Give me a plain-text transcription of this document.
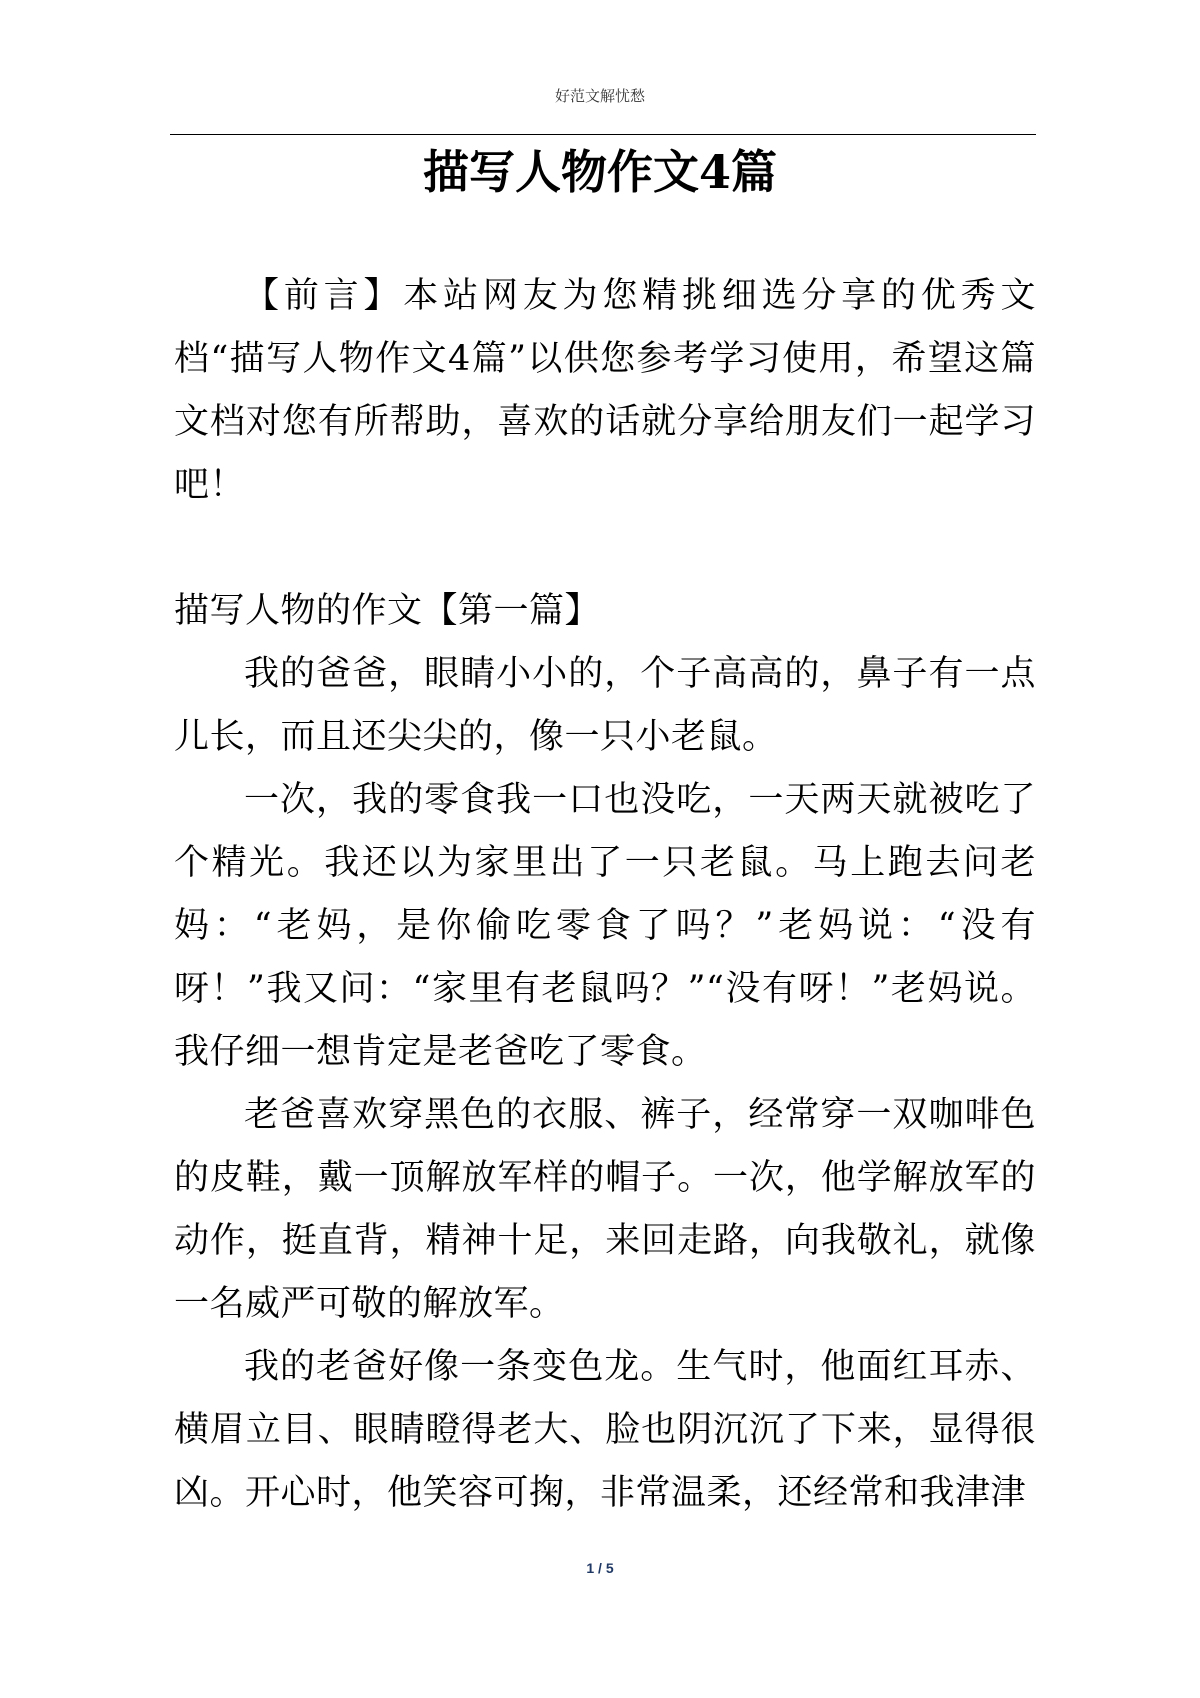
好范文解忧愁
描写人物作文4篇

【前言】本站网友为您精挑细选分享的优秀文档“描写人物作文4篇”以供您参考学习使用，希望这篇文档对您有所帮助，喜欢的话就分享给朋友们一起学习吧！

描写人物的作文【第一篇】

我的爸爸，眼睛小小的，个子高高的，鼻子有一点儿长，而且还尖尖的，像一只小老鼠。

一次，我的零食我一口也没吃，一天两天就被吃了个精光。我还以为家里出了一只老鼠。马上跑去问老妈：“老妈，是你偷吃零食了吗？”老妈说：“没有呀！”我又问：“家里有老鼠吗？”“没有呀！”老妈说。我仔细一想肯定是老爸吃了零食。

老爸喜欢穿黑色的衣服、裤子，经常穿一双咖啡色的皮鞋，戴一顶解放军样的帽子。一次，他学解放军的动作，挺直背，精神十足，来回走路，向我敬礼，就像一名威严可敬的解放军。

我的老爸好像一条变色龙。生气时，他面红耳赤、横眉立目、眼睛瞪得老大、脸也阴沉沉了下来，显得很凶。开心时，他笑容可掬，非常温柔，还经常和我津津

1 / 5
